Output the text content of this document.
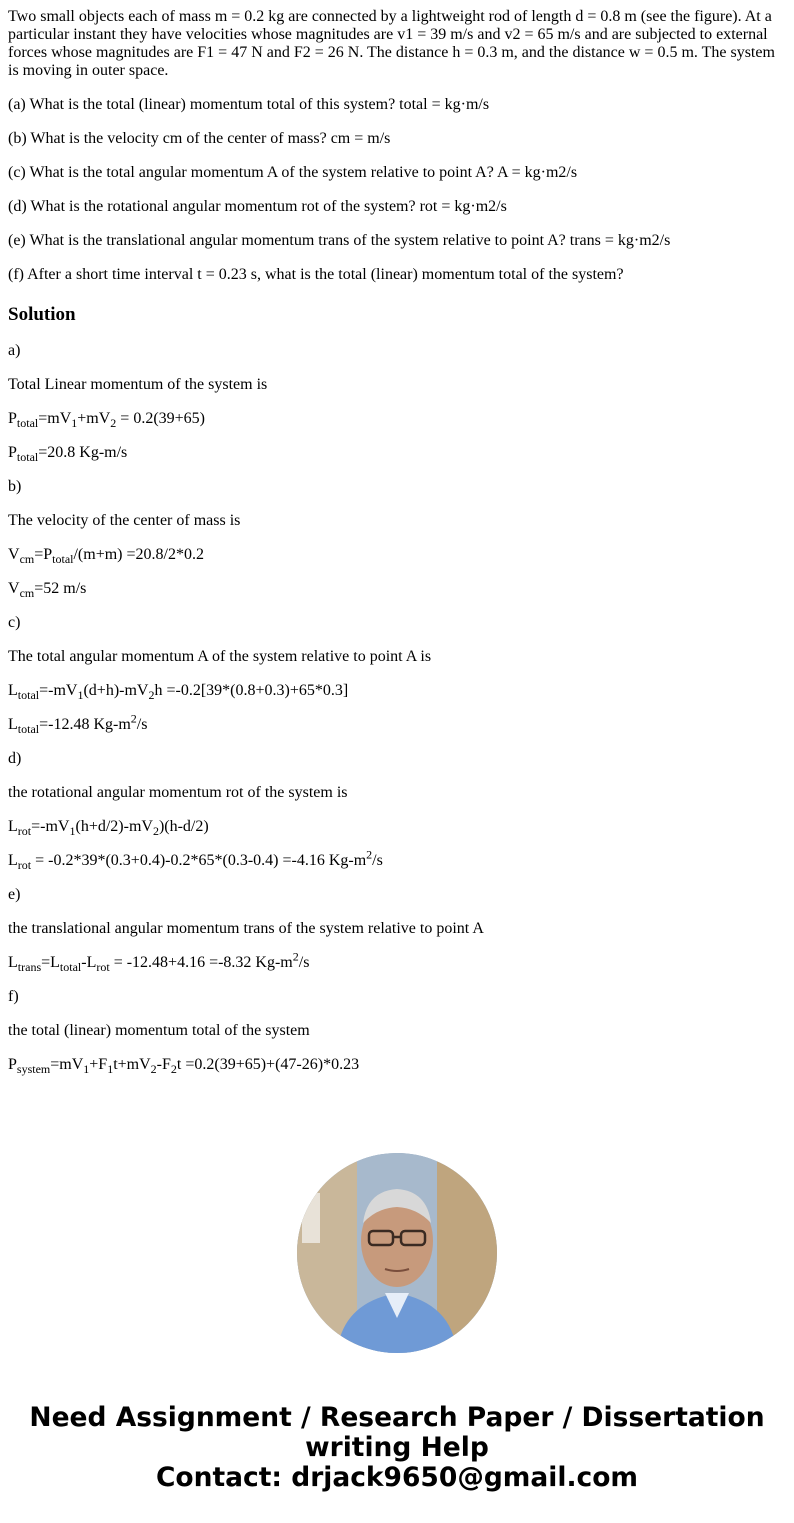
Two small objects each of mass m = 0.2 kg are connected by a lightweight rod of length d = 0.8 m (see the figure). At a particular instant they have velocities whose magnitudes are v1 = 39 m/s and v2 = 65 m/s and are subjected to external forces whose magnitudes are F1 = 47 N and F2 = 26 N. The distance h = 0.3 m, and the distance w = 0.5 m. The system is moving in outer space.

(a) What is the total (linear) momentum total of this system? total = kg·m/s

(b) What is the velocity cm of the center of mass? cm = m/s

(c) What is the total angular momentum A of the system relative to point A? A = kg·m2/s

(d) What is the rotational angular momentum rot of the system? rot = kg·m2/s

(e) What is the translational angular momentum trans of the system relative to point A? trans = kg·m2/s

(f) After a short time interval t = 0.23 s, what is the total (linear) momentum total of the system?

Solution

a)

Total Linear momentum of the system is

$P_{total}=mV_1+mV_2 = 0.2(39+65)$

$P_{total}=20.8$ Kg-m/s

b)

The velocity of the center of mass is

$V_{cm}=P_{total}/(m+m) =20.8/2*0.2$

$V_{cm}=52$ m/s

c)

The total angular momentum A of the system relative to point A is

$L_{total}=-mV_1(d+h)-mV_2h =-0.2[39*(0.8+0.3)+65*0.3]$

$L_{total}=-12.48$ $Kg-m^2/s$

d)

the rotational angular momentum rot of the system is

$L_{rot}=-mV_1(h+d/2)-mV_2)(h-d/2)$

$L_{rot} = -0.2*39*(0.3+0.4)-0.2*65*(0.3-0.4) =-4.16$ $Kg-m^2/s$

e)

the translational angular momentum trans of the system relative to point A

$L_{trans}=L_{total}-L_{rot} = -12.48+4.16 =-8.32$ $Kg-m^2/s$

f)

the total (linear) momentum total of the system

$P_{system}=mV_1+F_1t+mV_2-F_2t =0.2(39+65)+(47-26)*0.23$

Need Assignment / Research Paper / Dissertation
writing Help
Contact: drjack9650@gmail.com
